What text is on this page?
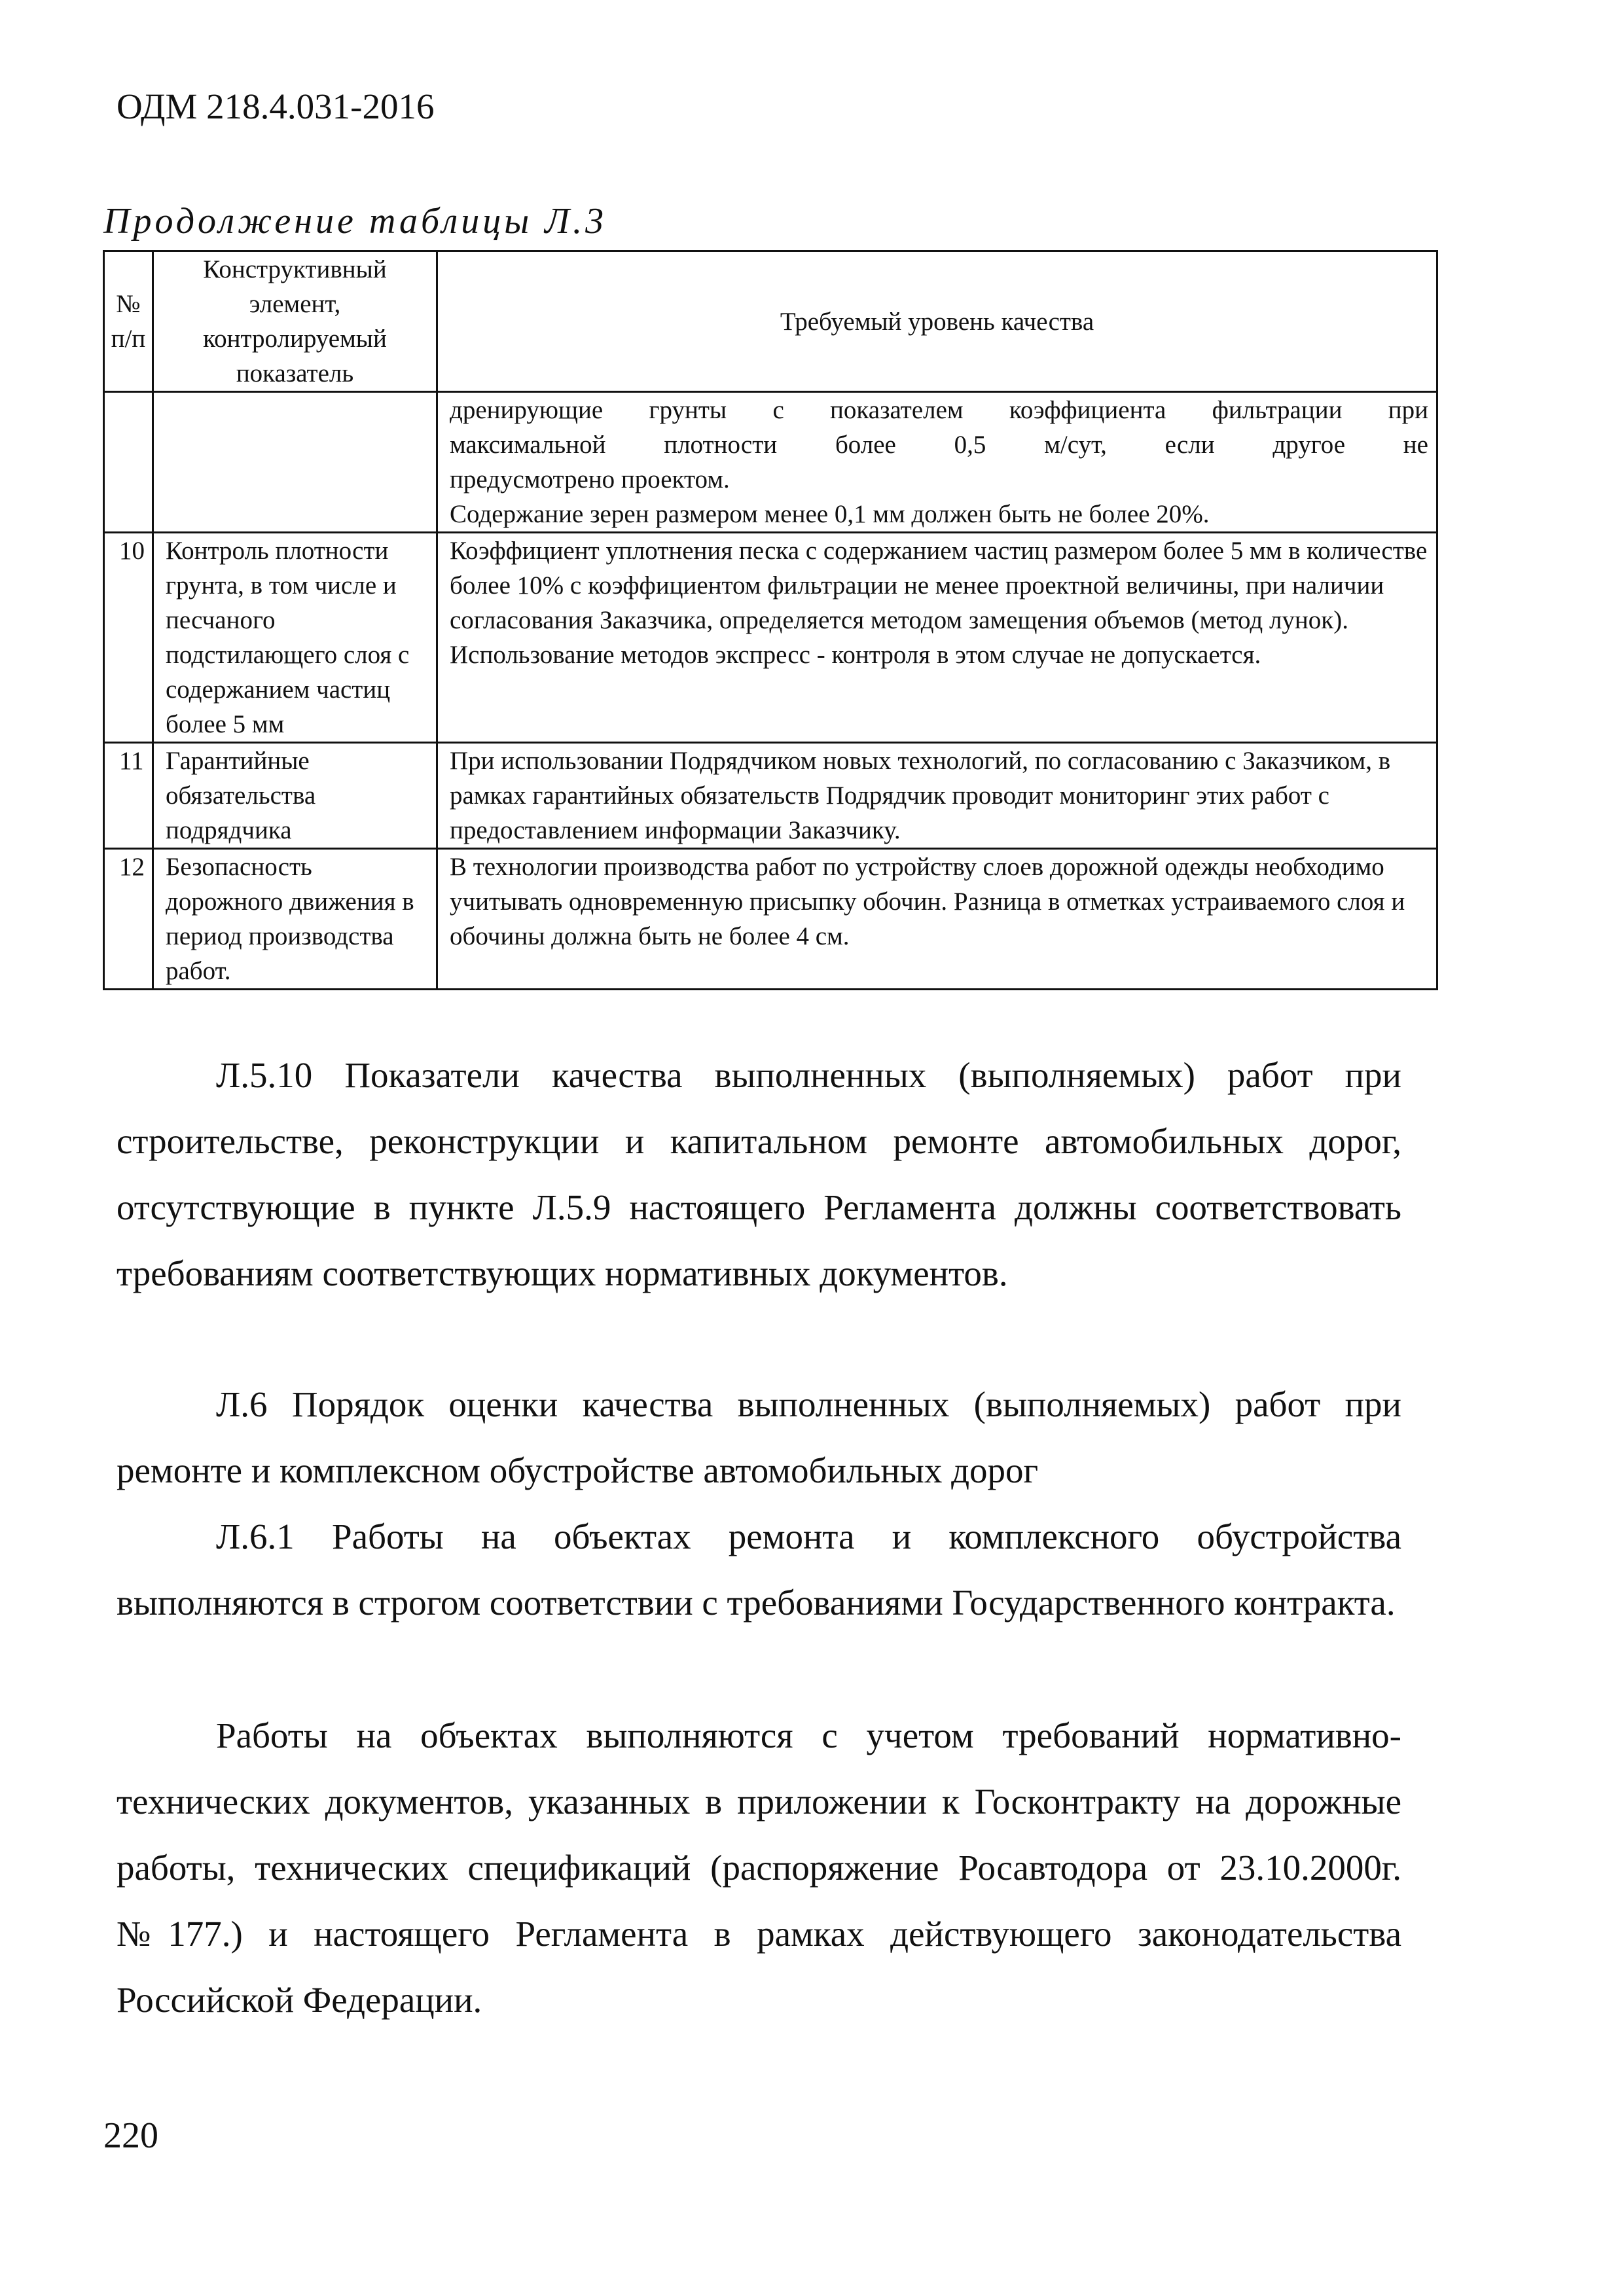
ОДМ 218.4.031-2016
Продолжение таблицы Л.3
№ п/п	Конструктивный элемент, контролируемый показатель	Требуемый уровень качества

		дренирующие грунты с показателем коэффициента фильтрации при
максимальной плотности более 0,5 м/сут, если другое не
предусмотрено проектом.
Содержание зерен размером менее 0,1 мм должен быть не более 20%.

10	Контроль плотности грунта, в том числе и песчаного подстилающего слоя с содержанием частиц более 5 мм	Коэффициент уплотнения песка с содержанием частиц размером более 5 мм в количестве более 10% с коэффициентом фильтрации не менее проектной величины, при наличии согласования Заказчика, определяется методом замещения объемов (метод лунок). Использование методов экспресс - контроля в этом случае не допускается.
11	Гарантийные обязательства подрядчика	При использовании Подрядчиком новых технологий, по согласованию с Заказчиком, в рамках гарантийных обязательств Подрядчик проводит мониторинг этих работ с предоставлением информации Заказчику.
12	Безопасность дорожного движения в период производства работ.	В технологии производства работ по устройству слоев дорожной одежды необходимо учитывать одновременную присыпку обочин. Разница в отметках устраиваемого слоя и обочины должна быть не более 4 см.

Л.5.10 Показатели качества выполненных (выполняемых) работ при строительстве, реконструкции и капитальном ремонте автомобильных дорог, отсутствующие в пункте Л.5.9 настоящего Регламента должны соответствовать требованиям соответствующих нормативных документов.

Л.6 Порядок оценки качества выполненных (выполняемых) работ при ремонте и комплексном обустройстве автомобильных дорог

Л.6.1 Работы на объектах ремонта и комплексного обустройства выполняются в строгом соответствии с требованиями Государственного контракта.

Работы на объектах выполняются с учетом требований нормативно-технических документов, указанных в приложении к Госконтракту на дорожные работы, технических спецификаций (распоряжение Росавтодора от 23.10.2000г. №177.) и настоящего Регламента в рамках действующего законодательства Российской Федерации.

220
